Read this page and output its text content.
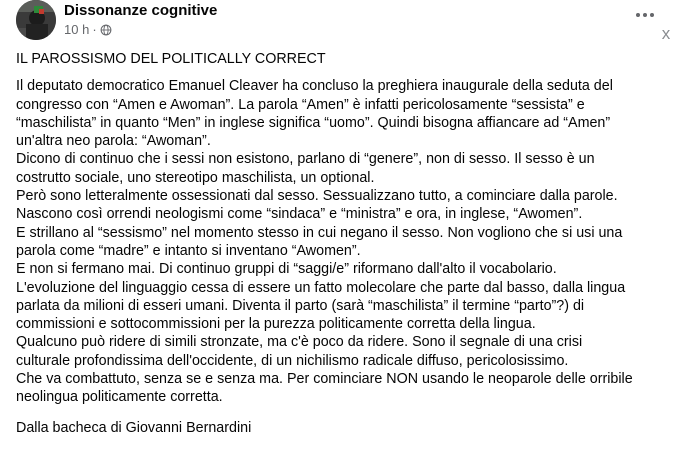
Dissonanze cognitive
10 h ·	x

IL PAROSSISMO DEL POLITICALLY CORRECT

Il deputato democratico Emanuel Cleaver ha concluso la preghiera inaugurale della seduta del
congresso con “Amen e Awoman”. La parola “Amen” è infatti pericolosamente “sessista” e
“maschilista” in quanto “Men” in inglese significa “uomo”. Quindi bisogna affiancare ad “Amen”
un'altra neo parola: “Awoman”.
Dicono di continuo che i sessi non esistono, parlano di “genere”, non di sesso. Il sesso è un
costrutto sociale, uno stereotipo maschilista, un optional.
Però sono letteralmente ossessionati dal sesso. Sessualizzano tutto, a cominciare dalla parole.
Nascono così orrendi neologismi come “sindaca” e “ministra” e ora, in inglese, “Awomen”.
E strillano al “sessismo” nel momento stesso in cui negano il sesso. Non vogliono che si usi una
parola come “madre” e intanto si inventano “Awomen”.
E non si fermano mai. Di continuo gruppi di “saggi/e” riformano dall'alto il vocabolario.
L'evoluzione del linguaggio cessa di essere un fatto molecolare che parte dal basso, dalla lingua
parlata da milioni di esseri umani. Diventa il parto (sarà “maschilista” il termine “parto”?) di
commissioni e sottocommissioni per la purezza politicamente corretta della lingua.
Qualcuno può ridere di simili stronzate, ma c'è poco da ridere. Sono il segnale di una crisi
culturale profondissima dell'occidente, di un nichilismo radicale diffuso, pericolosissimo.
Che va combattuto, senza se e senza ma. Per cominciare NON usando le neoparole delle orribile
neolingua politicamente corretta.

Dalla bacheca di Giovanni Bernardini
